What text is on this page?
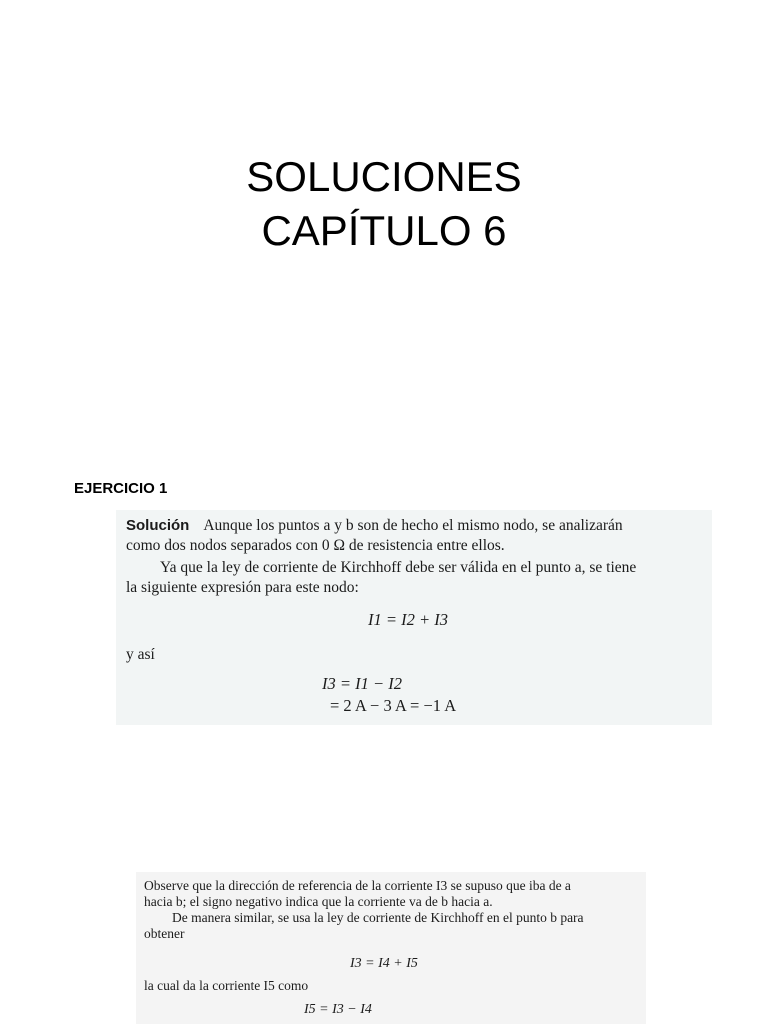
SOLUCIONES
CAPÍTULO 6
EJERCICIO 1
Solución Aunque los puntos a y b son de hecho el mismo nodo, se analizarán
como dos nodos separados con 0 Ω de resistencia entre ellos.
Ya que la ley de corriente de Kirchhoff debe ser válida en el punto a, se tiene
la siguiente expresión para este nodo:
I1 = I2 + I3
y así
I3 = I1 − I2
= 2 A − 3 A = −1 A
Observe que la dirección de referencia de la corriente I3 se supuso que iba de a
hacia b; el signo negativo indica que la corriente va de b hacia a.
De manera similar, se usa la ley de corriente de Kirchhoff en el punto b para
obtener
I3 = I4 + I5
la cual da la corriente I5 como
I5 = I3 − I4
